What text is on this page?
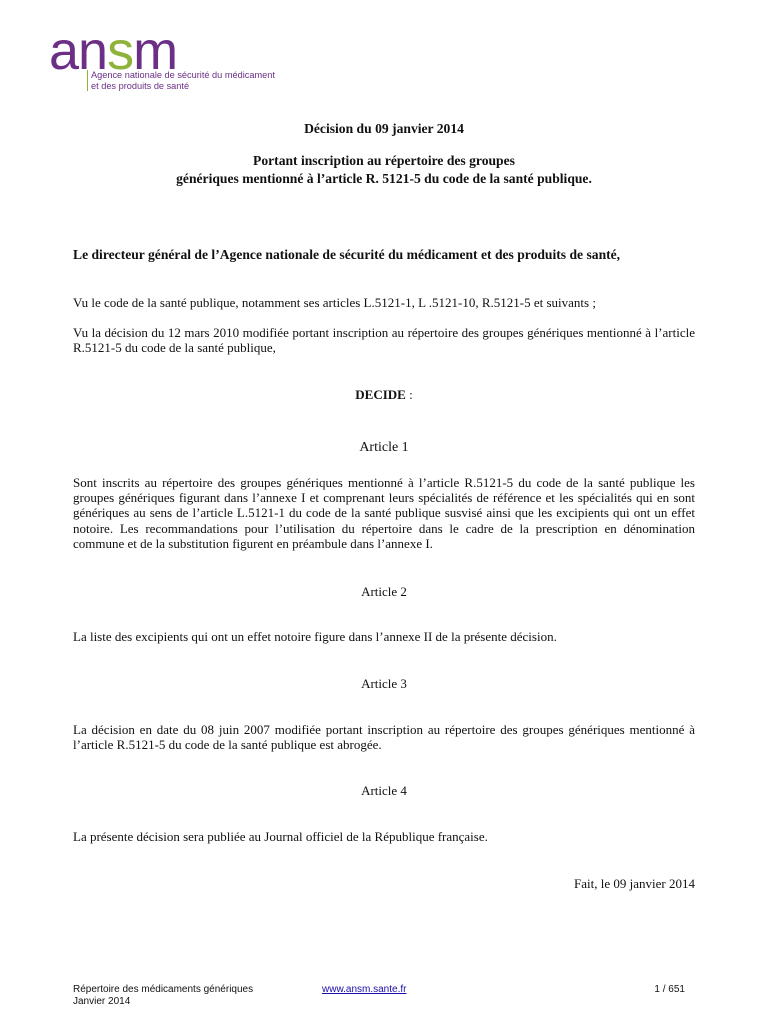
ansm
Agence nationale de sécurité du médicament
et des produits de santé
Décision du 09 janvier 2014
Portant inscription au répertoire des groupes
génériques mentionné à l’article R. 5121-5 du code de la santé publique.
Le directeur général de l’Agence nationale de sécurité du médicament et des produits de santé,
Vu le code de la santé publique, notamment ses articles L.5121-1, L .5121-10, R.5121-5 et suivants ;
Vu la décision du 12 mars 2010 modifiée portant inscription au répertoire des groupes génériques mentionné à l’article R.5121-5 du code de la santé publique,
DECIDE :
Article 1
Sont inscrits au répertoire des groupes génériques mentionné à l’article R.5121-5 du code de la santé publique les groupes génériques figurant dans l’annexe I et comprenant leurs spécialités de référence et les spécialités qui en sont génériques au sens de l’article L.5121-1 du code de la santé publique susvisé ainsi que les excipients qui ont un effet notoire. Les recommandations pour l’utilisation du répertoire dans le cadre de la prescription en dénomination commune et de la substitution figurent en préambule dans l’annexe I.
Article 2
La liste des excipients qui ont un effet notoire figure dans l’annexe II de la présente décision.
Article 3
La décision en date du 08 juin 2007 modifiée portant inscription au répertoire des groupes génériques mentionné à l’article R.5121-5 du code de la santé publique est abrogée.
Article 4
La présente décision sera publiée au Journal officiel de la République française.
Fait, le 09 janvier 2014
Répertoire des médicaments génériques
Janvier 2014
www.ansm.sante.fr	1 / 651
